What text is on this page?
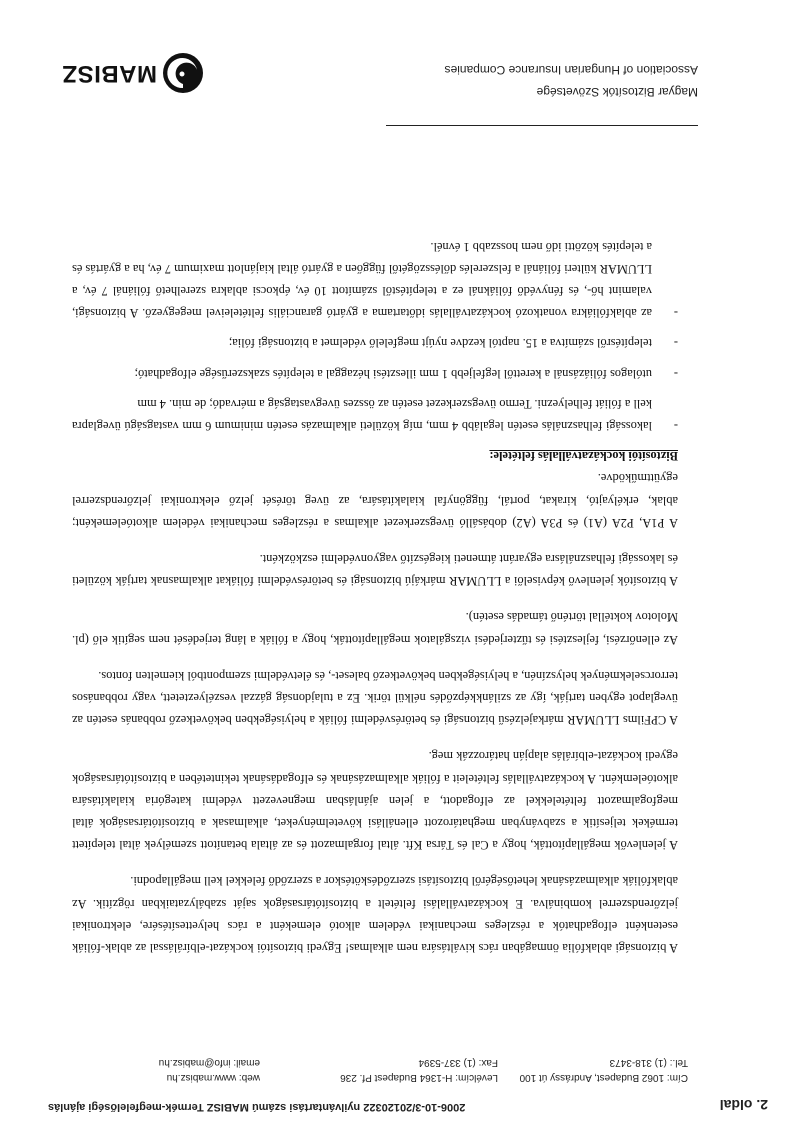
2. oldal
2006-10-3/20120322 nyilvántartási számú MABISZ Termék-megfelelőségi ajánlás
Cím: 1062 Budapest, Andrássy út 100
Tel.: (1) 318-3473
Levélcím: H-1364 Budapest Pf. 236
Fax: (1) 337-5394
web: www.mabisz.hu
email: info@mabisz.hu

A biztonsági ablakfólia önmagában rács kiváltására nem alkalmas! Egyedi biztosítói kockázat-elbírálással az ablak-fóliák esetenként elfogadhatók a részleges mechanikai védelem alkotó elemeként a rács helyettesítésére, elektronikai jelzőrendszerrel kombinálva. E kockázatvállalási feltételt a biztosítótársaságok saját szabályzataikban rögzítik. Az ablakfóliák alkalmazásának lehetőségéről biztosítási szerződéskötéskor a szerződő felekkel kell megállapodni.

A jelenlevők megállapították, hogy a Cal és Társa Kft. által forgalmazott és az általa betanított személyek által telepített termékek teljesítik a szabványban meghatározott ellenállási követelményeket, alkalmasak a biztosítótársaságok által megfogalmazott feltételekkel az elfogadott, a jelen ajánlásban megnevezett védelmi kategória kialakítására alkotóelemként. A kockázatvállalás feltételeit a fóliák alkalmazásának és elfogadásának tekintetében a biztosítótársaságok egyedi kockázat-elbírálás alapján határozzák meg.

A CPFilms LLUMAR márkajelzésű biztonsági és betörésvédelmi fóliák a helyiségekben bekövetkező robbanás esetén az üveglapot egyben tartják, így az szilánkképződés nélkül törik. Ez a tulajdonság gázzal veszélyeztetett, vagy robbanásos terrorcselekmények helyszínén, a helyiségekben bekövetkező baleset-, és életvédelmi szempontból kiemelten fontos.

Az ellenőrzési, fejlesztési és tűzterjedési vizsgálatok megállapították, hogy a fóliák a láng terjedését nem segítik elő (pl. Molotov koktéllal történő támadás esetén).

A biztosítók jelenlevő képviselői a LLUMAR márkájú biztonsági és betörésvédelmi fóliákat alkalmasnak tartják közületi és lakossági felhasználásra egyaránt átmeneti kiegészítő vagyonvédelmi eszközként.

A P1A, P2A (A1) és P3A (A2) dobásálló üvegszerkezet alkalmas a részleges mechanikai védelem alkotóelemeként; ablak, erkélyajtó, kirakat, portál, függönyfal kialakítására, az üveg törését jelző elektronikai jelzőrendszerrel együttműködve.

Biztosítói kockázatvállalás feltétele:

- lakossági felhasználás esetén legalább 4 mm, míg közületi alkalmazás esetén minimum 6 mm vastagságú üveglapra kell a fóliát felhelyezni. Termo üvegszerkezet esetén az összes üvegvastagság a mérvadó; de min. 4 mm
- utólagos fóliázásnál a kerettől legfeljebb 1 mm illesztési hézaggal a telepítés szakszerűsége elfogadható;
- telepítésről számítva a 15. naptól kezdve nyújt megfelelő védelmet a biztonsági fólia;
- az ablakfóliákra vonatkozó kockázatvállalás időtartama a gyártó garanciális feltételeivel megegyező. A biztonsági, valamint hő-, és fényvédő fóliáknál ez a telepítéstől számított 10 év, épkocsi ablakra szerelhető fóliánál 7 év, a LLUMAR külteri fóliánál a felszerelés dőlésszögétől függően a gyártó által kiajánlott maximum 7 év, ha a gyártás és a telepítés közötti idő nem hosszabb 1 évnél.
Magyar Biztosítók Szövetsége
Association of Hungarian Insurance Companies
MABISZ
